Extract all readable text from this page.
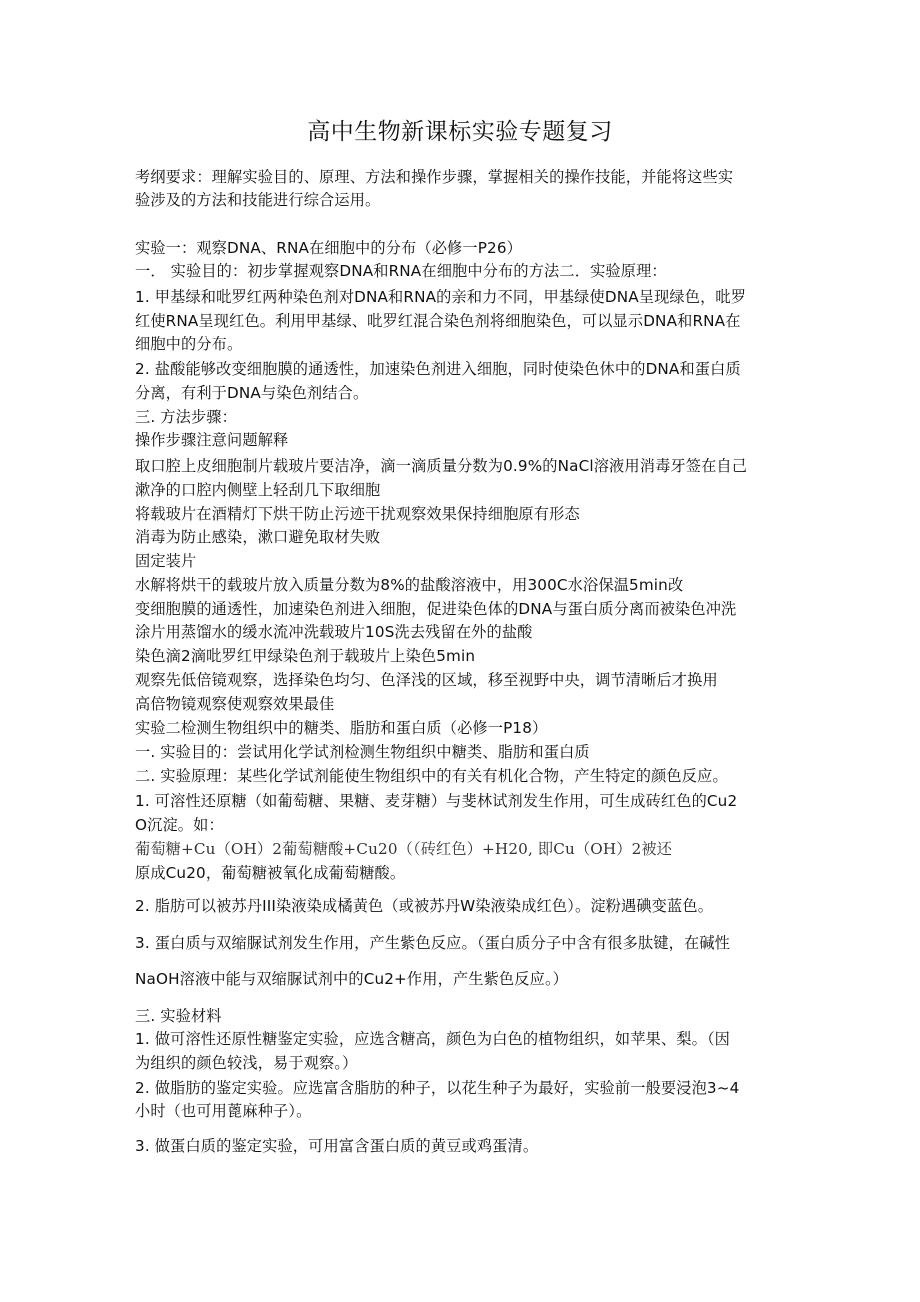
高中生物新课标实验专题复习
考纲要求：理解实验目的、原理、方法和操作步骤，掌握相关的操作技能，并能将这些实
验涉及的方法和技能进行综合运用。
实验一：观察DNA、RNA在细胞中的分布（必修一P26）
一． 实验目的：初步掌握观察DNA和RNA在细胞中分布的方法二．实验原理：
1. 甲基绿和吡罗红两种染色剂对DNA和RNA的亲和力不同，甲基绿使DNA呈现绿色，吡罗
红使RNA呈现红色。利用甲基绿、吡罗红混合染色剂将细胞染色，可以显示DNA和RNA在
细胞中的分布。
2. 盐酸能够改变细胞膜的通透性，加速染色剂进入细胞，同时使染色休中的DNA和蛋白质
分离，有利于DNA与染色剂结合。
三. 方法步骤：
操作步骤注意问题解释
取口腔上皮细胞制片载玻片要洁净，滴一滴质量分数为0.9%的NaCl溶液用消毒牙签在自己
漱净的口腔内侧壁上轻刮几下取细胞
将载玻片在酒精灯下烘干防止污迹干扰观察效果保持细胞原有形态
消毒为防止感染，漱口避免取材失败
固定装片
水解将烘干的载玻片放入质量分数为8%的盐酸溶液中，用300C水浴保温5min改
变细胞膜的通透性，加速染色剂进入细胞，促进染色体的DNA与蛋白质分离而被染色冲洗
涂片用蒸馏水的缓水流冲洗载玻片10S洗去残留在外的盐酸
染色滴2滴吡罗红甲绿染色剂于载玻片上染色5min
观察先低倍镜观察，选择染色均匀、色泽浅的区域，移至视野中央，调节清晰后才换用
高倍物镜观察使观察效果最佳
实验二检测生物组织中的糖类、脂肪和蛋白质（必修一P18）
一. 实验目的：尝试用化学试剂检测生物组织中糖类、脂肪和蛋白质
二. 实验原理：某些化学试剂能使生物组织中的有关有机化合物，产生特定的颜色反应。
1. 可溶性还原糖（如葡萄糖、果糖、麦芽糖）与斐林试剂发生作用，可生成砖红色的Cu2
O沉淀。如：
葡萄糖+Cu（OH）2葡萄糖酸+Cu20（（砖红色）+H20, 即Cu（OH）2被还
原成Cu20，葡萄糖被氧化成葡萄糖酸。
2. 脂肪可以被苏丹III染液染成橘黄色（或被苏丹W染液染成红色）。淀粉遇碘变蓝色。
3. 蛋白质与双缩脲试剂发生作用，产生紫色反应。（蛋白质分子中含有很多肽键，在碱性
NaOH溶液中能与双缩脲试剂中的Cu2+作用，产生紫色反应。）
三. 实验材料
1. 做可溶性还原性糖鉴定实验，应选含糖高，颜色为白色的植物组织，如苹果、梨。（因
为组织的颜色较浅，易于观察。）
2. 做脂肪的鉴定实验。应选富含脂肪的种子，以花生种子为最好，实验前一般要浸泡3~4
小时（也可用蓖麻种子）。
3. 做蛋白质的鉴定实验，可用富含蛋白质的黄豆或鸡蛋清。
